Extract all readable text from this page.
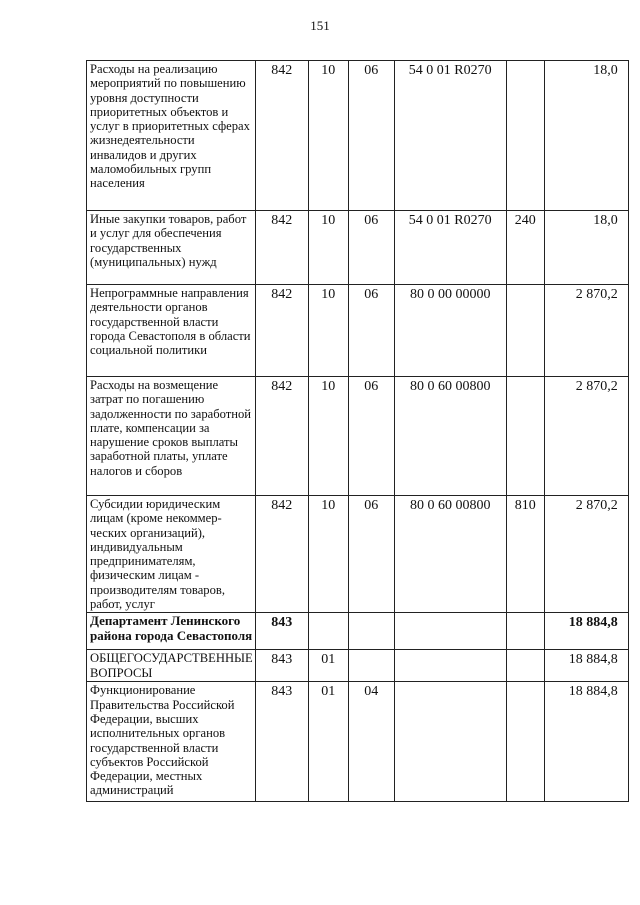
151
Расходы на реализацию мероприятий по повышению уровня доступности приоритетных объектов и услуг в приоритетных сферах жизнедеятельности инвалидов и других маломобильных групп населения	842	10	06	54 0 01 R0270		18,0
Иные закупки товаров, работ и услуг для обеспечения государственных (муниципальных) нужд	842	10	06	54 0 01 R0270	240	18,0
Непрограммные направления деятельности органов государственной власти города Севастополя в области социальной политики	842	10	06	80 0 00 00000		2 870,2
Расходы на возмещение затрат по погашению задолженности по заработной плате, компенсации за нарушение сроков выплаты заработной платы, уплате налогов и сборов	842	10	06	80 0 60 00800		2 870,2
Субсидии юридическим лицам (кроме некоммер-ческих организаций), индивидуальным предпринимателям, физическим лицам - производителям товаров, работ, услуг	842	10	06	80 0 60 00800	810	2 870,2
Департамент Ленинского района города Севастополя	843					18 884,8
ОБЩЕГОСУДАРСТВЕННЫЕ ВОПРОСЫ	843	01				18 884,8
Функционирование Правительства Российской Федерации, высших исполнительных органов государственной власти субъектов Российской Федерации, местных администраций	843	01	04			18 884,8
